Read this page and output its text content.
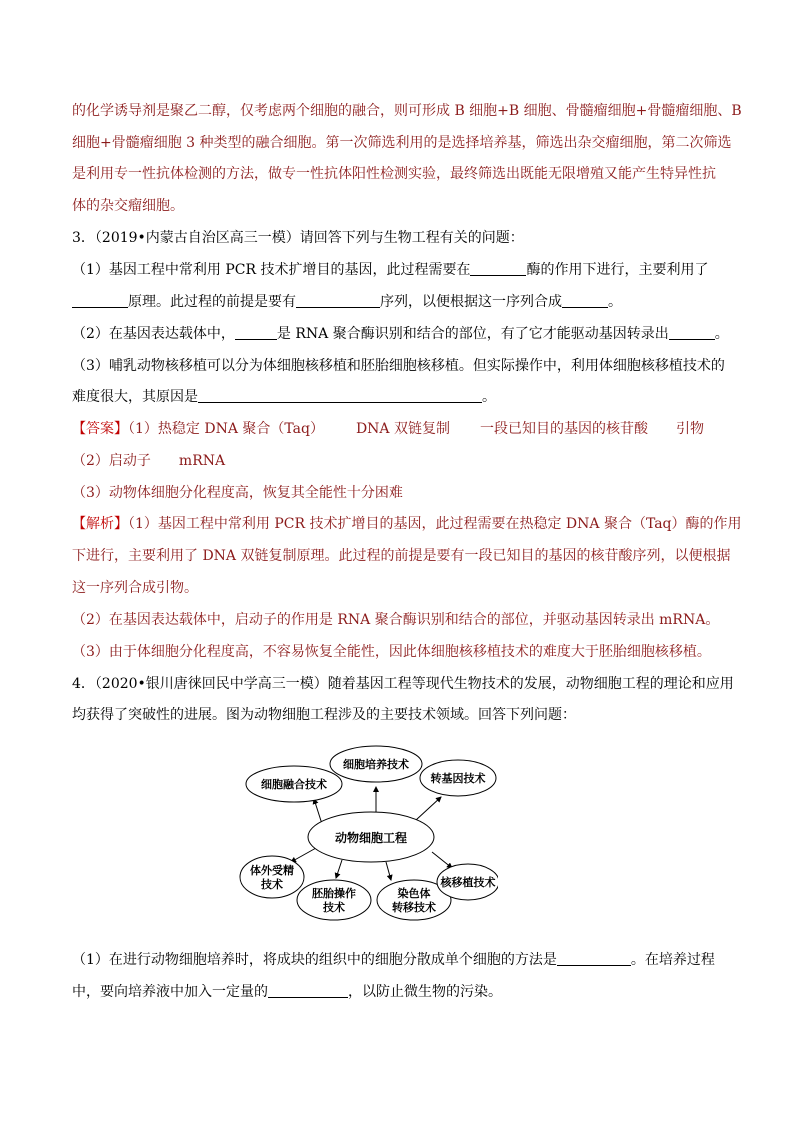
的化学诱导剂是聚乙二醇，仅考虑两个细胞的融合，则可形成 B 细胞+B 细胞、骨髓瘤细胞+骨髓瘤细胞、B
细胞+骨髓瘤细胞 3 种类型的融合细胞。第一次筛选利用的是选择培养基，筛选出杂交瘤细胞，第二次筛选
是利用专一性抗体检测的方法，做专一性抗体阳性检测实验，最终筛选出既能无限增殖又能产生特异性抗
体的杂交瘤细胞。
3．（2019•内蒙古自治区高三一模）请回答下列与生物工程有关的问题：
（1）基因工程中常利用 PCR 技术扩增目的基因，此过程需要在	酶的作用下进行，主要利用了
原理。此过程的前提是要有	序列，以便根据这一序列合成	。
（2）在基因表达载体中，	是 RNA 聚合酶识别和结合的部位，有了它才能驱动基因转录出	。
（3）哺乳动物核移植可以分为体细胞核移植和胚胎细胞核移植。但实际操作中，利用体细胞核移植技术的
难度很大，其原因是	。
【答案】（1）热稳定 DNA 聚合（Taq） DNA 双链复制 一段已知目的基因的核苷酸 引物
（2）启动子 mRNA
（3）动物体细胞分化程度高，恢复其全能性十分困难
【解析】（1）基因工程中常利用 PCR 技术扩增目的基因，此过程需要在热稳定 DNA 聚合（Taq）酶的作用
下进行，主要利用了 DNA 双链复制原理。此过程的前提是要有一段已知目的基因的核苷酸序列，以便根据
这一序列合成引物。
（2）在基因表达载体中，启动子的作用是 RNA 聚合酶识别和结合的部位，并驱动基因转录出 mRNA。
（3）由于体细胞分化程度高，不容易恢复全能性，因此体细胞核移植技术的难度大于胚胎细胞核移植。
4．（2020•银川唐徕回民中学高三一模）随着基因工程等现代生物技术的发展，动物细胞工程的理论和应用
均获得了突破性的进展。图为动物细胞工程涉及的主要技术领域。回答下列问题：
细胞培养技术
细胞融合技术	转基因技术
动物细胞工程
体外受精
技术
胚胎操作
技术
染色体
转移技术
核移植技术
（1）在进行动物细胞培养时，将成块的组织中的细胞分散成单个细胞的方法是	。在培养过程
中，要向培养液中加入一定量的	，以防止微生物的污染。
